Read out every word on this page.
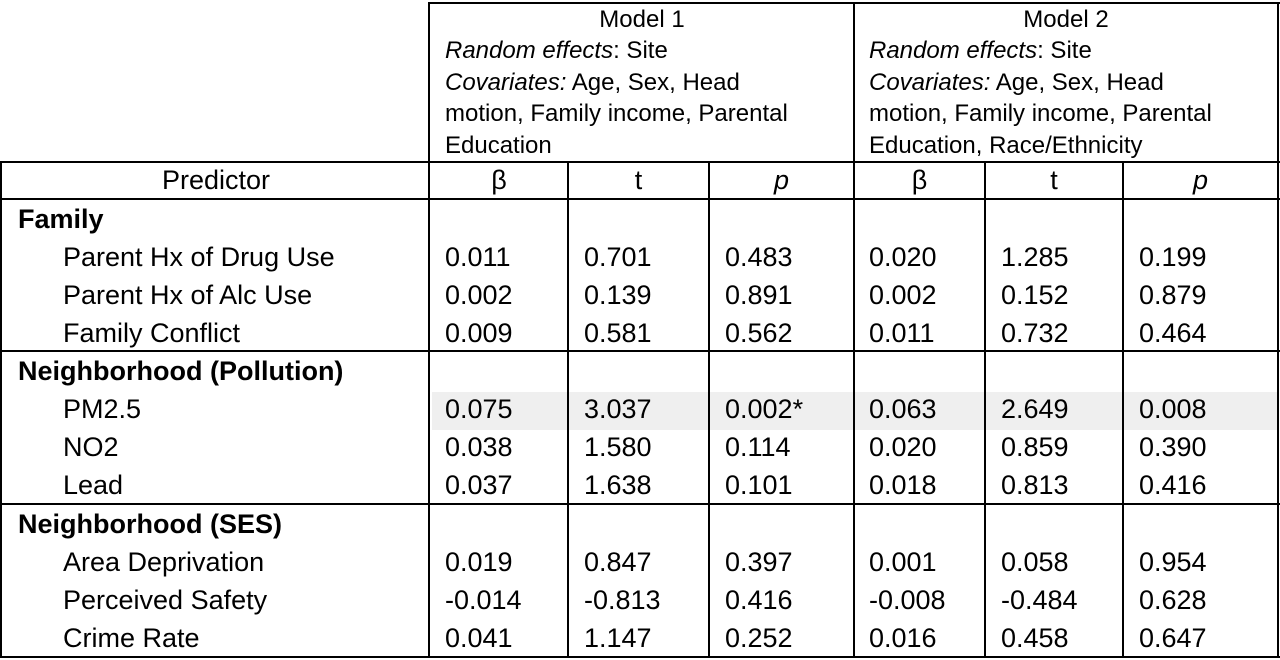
Model 1
Random effects: Site
Covariates: Age, Sex, Head
motion, Family income, Parental
Education
Model 2
Random effects: Site
Covariates: Age, Sex, Head
motion, Family income, Parental
Education, Race/Ethnicity
Predictor	β	t	p	β	t	p
Family
Parent Hx of Drug Use	0.011	0.701	0.483	0.020 1.285	0.199
Parent Hx of Alc Use	0.002	0.139	0.891	0.002 0.152	0.879
Family Conflict	0.009	0.581	0.562	0.011 0.732	0.464
Neighborhood (Pollution)
PM2.5	0.075	3.037	0.002* 0.063 2.649	0.008
NO2	0.038	1.580	0.114	0.020 0.859	0.390
Lead	0.037	1.638	0.101	0.018 0.813	0.416
Neighborhood (SES)
Area Deprivation	0.019	0.847	0.397	0.001 0.058	0.954
Perceived Safety	-0.014 -0.813 0.416	-0.008 -0.484 0.628
Crime Rate	0.041	1.147	0.252	0.016 0.458	0.647
